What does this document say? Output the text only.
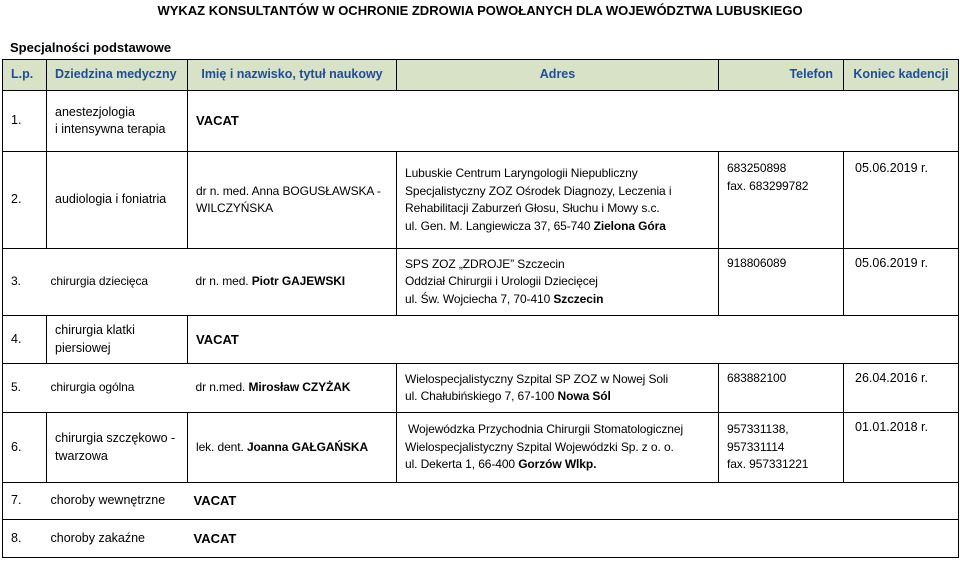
WYKAZ KONSULTANTÓW W OCHRONIE ZDROWIA POWOŁANYCH DLA WOJEWÓDZTWA LUBUSKIEGO
Specjalności podstawowe
L.p.	Dziedzina medyczny	Imię i nazwisko, tytuł naukowy	Adres	Telefon	Koniec kadencji
1.	anestezjologia
i intensywna terapia	VACAT			
2.	audiologia i foniatria	dr n. med. Anna BOGUSŁAWSKA -
WILCZYŃSKA	Lubuskie Centrum Laryngologii Niepubliczny
Specjalistyczny ZOZ Ośrodek Diagnozy, Leczenia i
Rehabilitacji Zaburzeń Głosu, Słuchu i Mowy s.c.
ul. Gen. M. Langiewicza 37, 65-740 Zielona Góra	683250898
fax. 683299782	05.06.2019 r.
3.	chirurgia dziecięca	dr n. med. Piotr GAJEWSKI	SPS ZOZ „ZDROJE” Szczecin
Oddział Chirurgii i Urologii Dziecięcej
ul. Św. Wojciecha 7, 70-410 Szczecin	918806089	05.06.2019 r.
4.	chirurgia klatki
piersiowej	VACAT			
5.	chirurgia ogólna	dr n.med. Mirosław CZYŻAK	Wielospecjalistyczny Szpital SP ZOZ w Nowej Soli
ul. Chałubińskiego 7, 67-100 Nowa Sól	683882100	26.04.2016 r.
6.	chirurgia szczękowo -
twarzowa	lek. dent. Joanna GAŁGAŃSKA	Wojewódzka Przychodnia Chirurgii Stomatologicznej
Wielospecjalistyczny Szpital Wojewódzki Sp. z o. o.
ul. Dekerta 1, 66-400 Gorzów Wlkp.	957331138,
957331114
fax. 957331221	01.01.2018 r.
7.	choroby wewnętrzne	VACAT			
8.	choroby zakaźne	VACAT			
